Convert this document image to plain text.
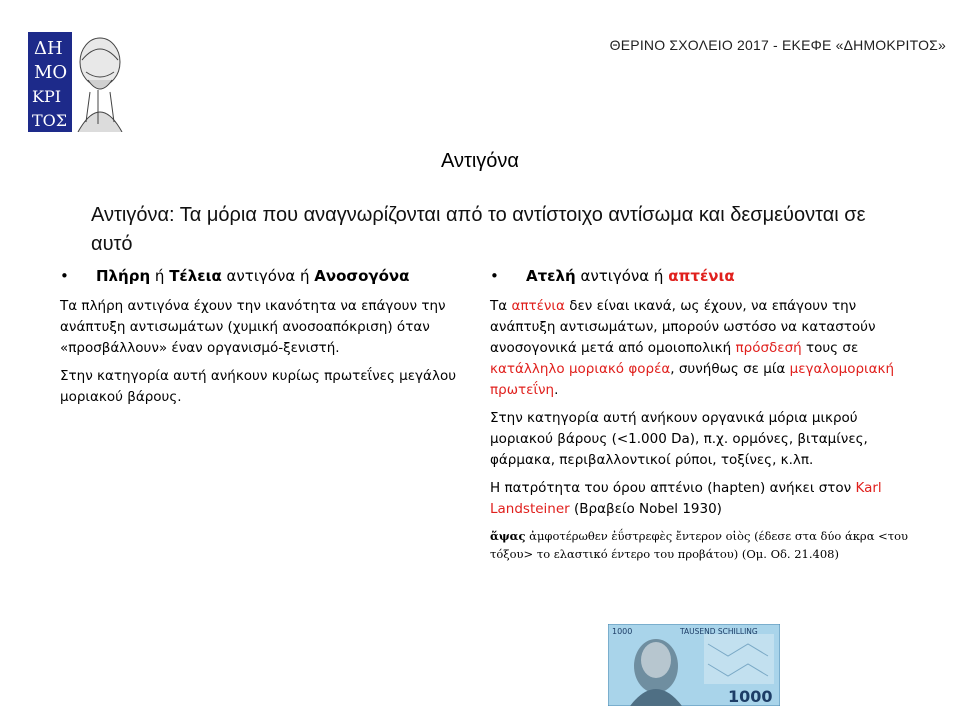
ΔΗ
ΜΟ
ΚΡΙ
ΤΟΣ
ΘΕΡΙΝΟ ΣΧΟΛΕΙΟ 2017 - ΕΚΕΦΕ «ΔΗΜΟΚΡΙΤΟΣ»
Αντιγόνα
Αντιγόνα: Τα μόρια που αναγνωρίζονται από το αντίστοιχο αντίσωμα και δεσμεύονται σε αυτό
•	Πλήρη ή Τέλεια αντιγόνα ή Ανοσογόνα

Τα πλήρη αντιγόνα έχουν την ικανότητα να επάγουν την ανάπτυξη αντισωμάτων (χυμική ανοσοαπόκριση) όταν «προσβάλλουν» έναν οργανισμό-ξενιστή.

Στην κατηγορία αυτή ανήκουν κυρίως πρωτεΐνες μεγάλου μοριακού βάρους.

•	Ατελή αντιγόνα ή απτένια

Τα απτένια δεν είναι ικανά, ως έχουν, να επάγουν την ανάπτυξη αντισωμάτων, μπορούν ωστόσο να καταστούν ανοσογονικά μετά από ομοιοπολική πρόσδεσή τους σε κατάλληλο μοριακό φορέα, συνήθως σε μία μεγαλομοριακή πρωτεΐνη.

Στην κατηγορία αυτή ανήκουν οργανικά μόρια μικρού μοριακού βάρους (<1.000 Da), π.χ. ορμόνες, βιταμίνες, φάρμακα, περιβαλλοντικοί ρύποι, τοξίνες, κ.λπ.

Η πατρότητα του όρου απτένιο (hapten) ανήκει στον Karl Landsteiner (Βραβείο Nobel 1930)

ἅψας ἀμφοτέρωθεν ἐΰστρεφὲς ἔντερον οἰὸς (έδεσε στα δύο άκρα <του τόξου> το ελαστικό έντερο του προβάτου) (Ομ. Οδ. 21.408)
1000	TAUSEND SCHILLING
1000
